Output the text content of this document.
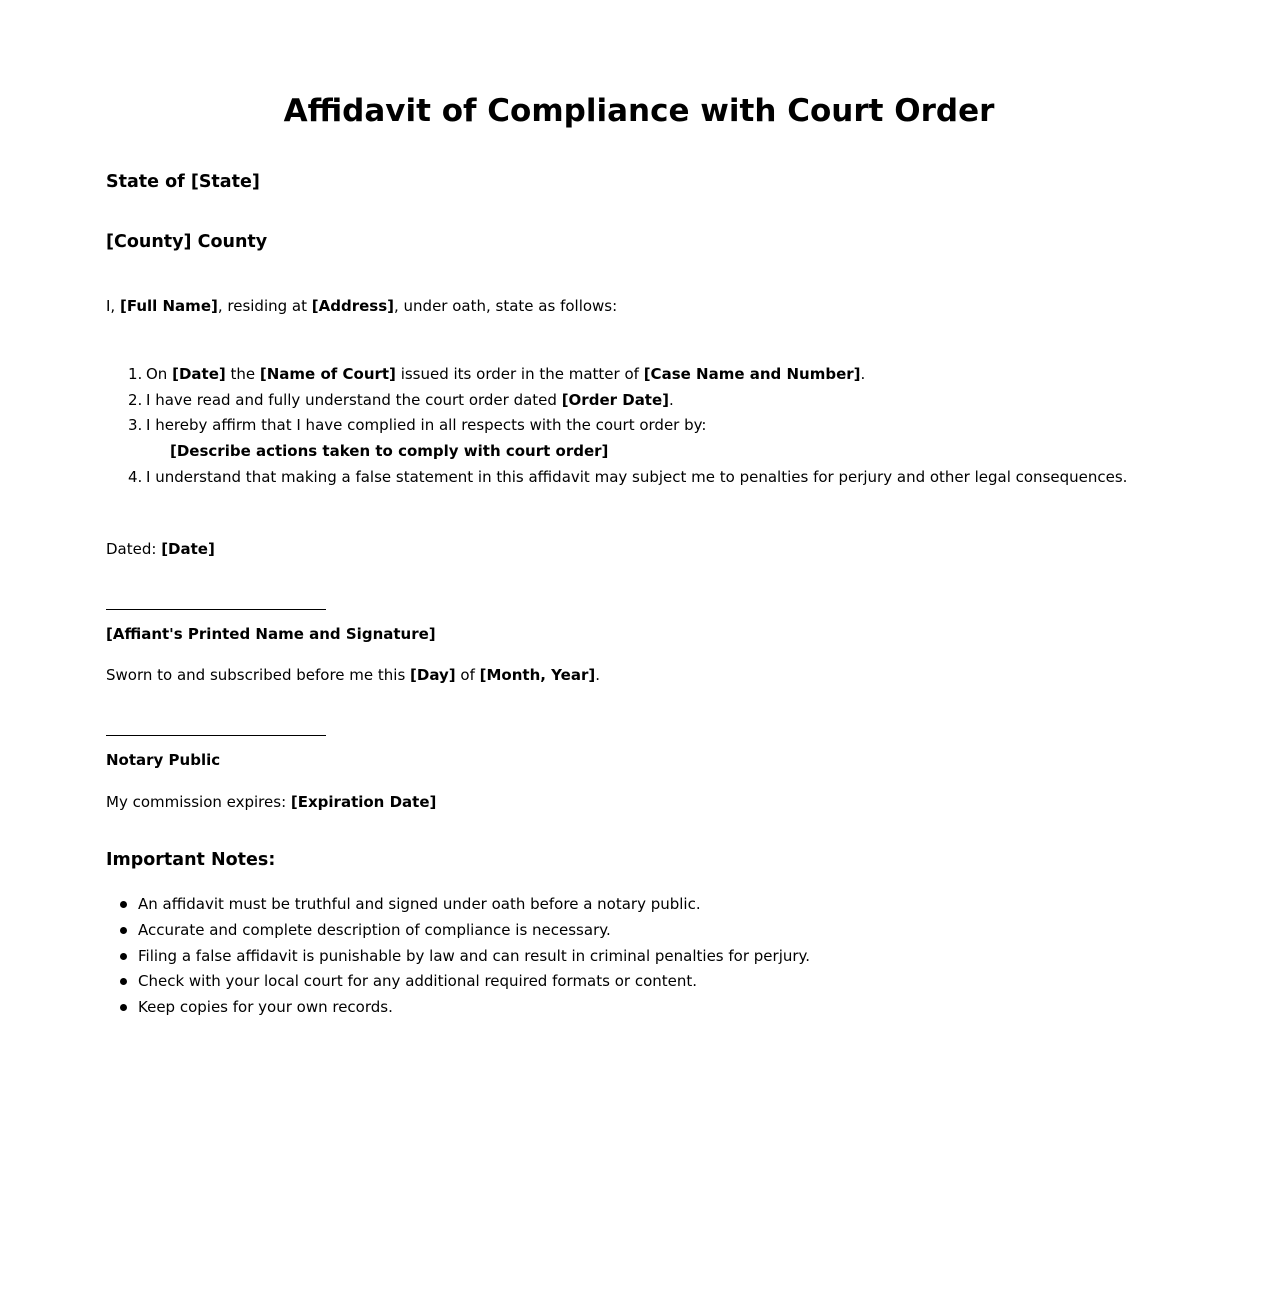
Affidavit of Compliance with Court Order
State of [State]
[County] County

I, [Full Name], residing at [Address], under oath, state as follows:

1. On [Date] the [Name of Court] issued its order in the matter of [Case Name and Number].
2. I have read and fully understand the court order dated [Order Date].
3. I hereby affirm that I have complied in all respects with the court order by:
[Describe actions taken to comply with court order]
4. I understand that making a false statement in this affidavit may subject me to penalties for perjury and other legal consequences.

Dated: [Date]

[Affiant's Printed Name and Signature]

Sworn to and subscribed before me this [Day] of [Month, Year].

Notary Public

My commission expires: [Expiration Date]

Important Notes:
An affidavit must be truthful and signed under oath before a notary public.
Accurate and complete description of compliance is necessary.
Filing a false affidavit is punishable by law and can result in criminal penalties for perjury.
Check with your local court for any additional required formats or content.
Keep copies for your own records.
